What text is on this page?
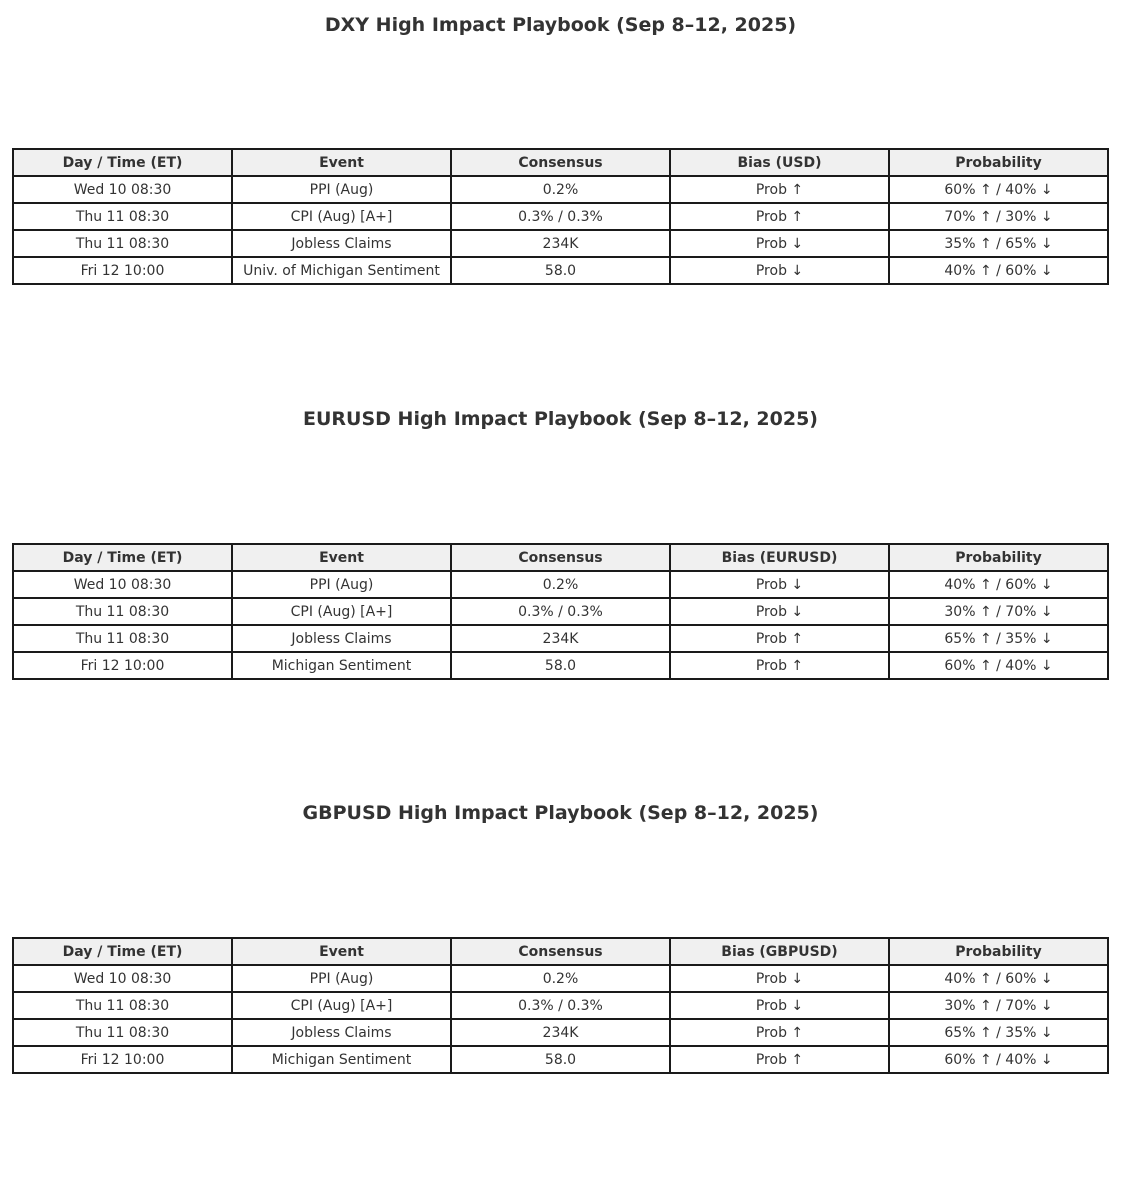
DXY High Impact Playbook (Sep 8–12, 2025)
Day / Time (ET)	Event	Consensus	Bias (USD)	Probability
Wed 10 08:30	PPI (Aug)	0.2%	Prob ↑	60% ↑ / 40% ↓
Thu 11 08:30	CPI (Aug) [A+]	0.3% / 0.3%	Prob ↑	70% ↑ / 30% ↓
Thu 11 08:30	Jobless Claims	234K	Prob ↓	35% ↑ / 65% ↓
Fri 12 10:00	Univ. of Michigan Sentiment	58.0	Prob ↓	40% ↑ / 60% ↓
EURUSD High Impact Playbook (Sep 8–12, 2025)
Day / Time (ET)	Event	Consensus	Bias (EURUSD)	Probability
Wed 10 08:30	PPI (Aug)	0.2%	Prob ↓	40% ↑ / 60% ↓
Thu 11 08:30	CPI (Aug) [A+]	0.3% / 0.3%	Prob ↓	30% ↑ / 70% ↓
Thu 11 08:30	Jobless Claims	234K	Prob ↑	65% ↑ / 35% ↓
Fri 12 10:00	Michigan Sentiment	58.0	Prob ↑	60% ↑ / 40% ↓
GBPUSD High Impact Playbook (Sep 8–12, 2025)
Day / Time (ET)	Event	Consensus	Bias (GBPUSD)	Probability
Wed 10 08:30	PPI (Aug)	0.2%	Prob ↓	40% ↑ / 60% ↓
Thu 11 08:30	CPI (Aug) [A+]	0.3% / 0.3%	Prob ↓	30% ↑ / 70% ↓
Thu 11 08:30	Jobless Claims	234K	Prob ↑	65% ↑ / 35% ↓
Fri 12 10:00	Michigan Sentiment	58.0	Prob ↑	60% ↑ / 40% ↓
